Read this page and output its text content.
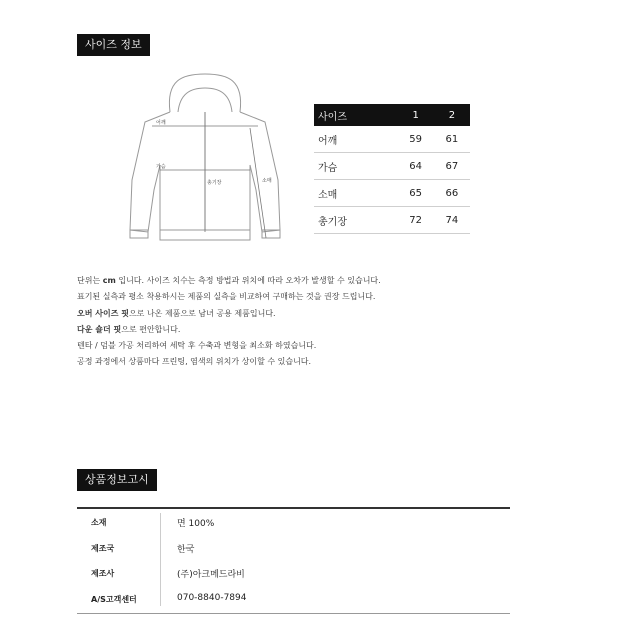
사이즈 정보
어깨
가슴
총기장	소매
사이즈	1	2
어깨	59	61
가슴	64	67
소매	65	66
총기장	72	74
단위는 cm 입니다. 사이즈 치수는 측정 방법과 위치에 따라 오차가 발생할 수 있습니다.
표기된 실측과 평소 착용하시는 제품의 실측을 비교하여 구매하는 것을 권장 드립니다.
오버 사이즈 핏으로 나온 제품으로 남녀 공용 제품입니다.
다운 숄더 핏으로 편안합니다.
텐타 / 덤블 가공 처리하여 세탁 후 수축과 변형을 최소화 하였습니다.
공정 과정에서 상품마다 프린팅, 염색의 위치가 상이할 수 있습니다.
상품정보고시
소재	면 100%
제조국	한국
제조사	(주)아크메드라비
A/S고객센터	070-8840-7894
